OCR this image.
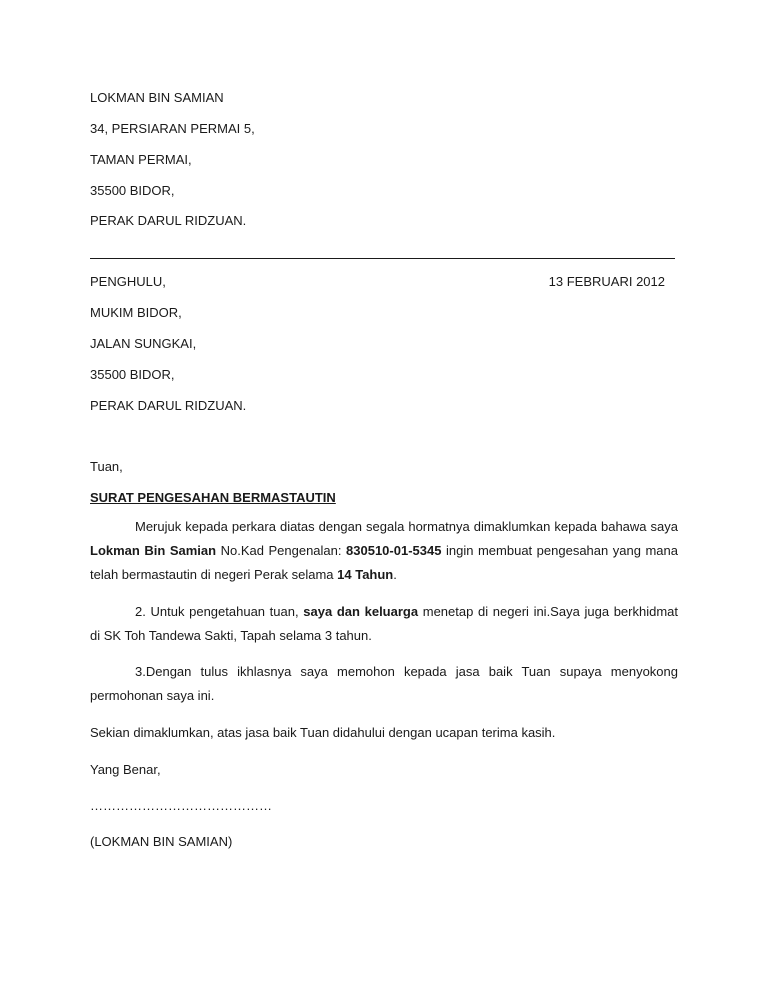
LOKMAN BIN SAMIAN
34, PERSIARAN PERMAI 5,
TAMAN PERMAI,
35500 BIDOR,
PERAK DARUL RIDZUAN.
PENGHULU,	13 FEBRUARI 2012
MUKIM BIDOR,
JALAN SUNGKAI,
35500 BIDOR,
PERAK DARUL RIDZUAN.
Tuan,
SURAT PENGESAHAN BERMASTAUTIN
Merujuk kepada perkara diatas dengan segala hormatnya dimaklumkan kepada bahawa saya Lokman Bin Samian No.Kad Pengenalan: 830510-01-5345 ingin membuat pengesahan yang mana telah bermastautin di negeri Perak selama 14 Tahun.
2. Untuk pengetahuan tuan, saya dan keluarga menetap di negeri ini.Saya juga berkhidmat di SK Toh Tandewa Sakti, Tapah selama 3 tahun.
3.Dengan tulus ikhlasnya saya memohon kepada jasa baik Tuan supaya menyokong permohonan saya ini.
Sekian dimaklumkan, atas jasa baik Tuan didahului dengan ucapan terima kasih.
Yang Benar,
……………………………………
(LOKMAN BIN SAMIAN)
